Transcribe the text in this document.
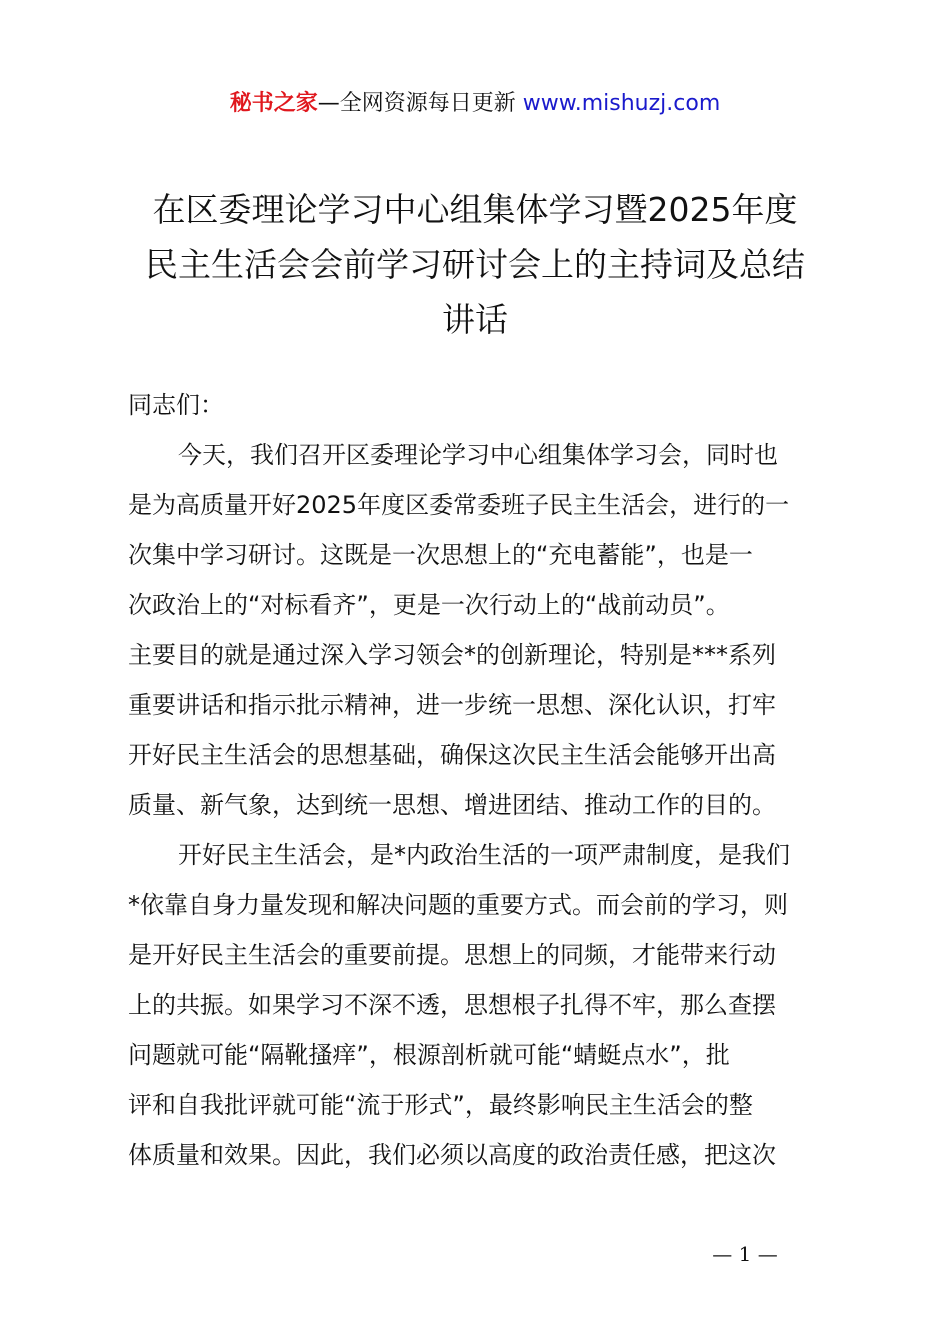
秘书之家—全网资源每日更新 www.mishuzj.com
在区委理论学习中心组集体学习暨2025年度
民主生活会会前学习研讨会上的主持词及总结
讲话
同志们：
今天，我们召开区委理论学习中心组集体学习会，同时也
是为高质量开好2025年度区委常委班子民主生活会，进行的一
次集中学习研讨。这既是一次思想上的“充电蓄能”，也是一
次政治上的“对标看齐”，更是一次行动上的“战前动员”。
主要目的就是通过深入学习领会*的创新理论，特别是***系列
重要讲话和指示批示精神，进一步统一思想、深化认识，打牢
开好民主生活会的思想基础，确保这次民主生活会能够开出高
质量、新气象，达到统一思想、增进团结、推动工作的目的。
开好民主生活会，是*内政治生活的一项严肃制度，是我们
*依靠自身力量发现和解决问题的重要方式。而会前的学习，则
是开好民主生活会的重要前提。思想上的同频，才能带来行动
上的共振。如果学习不深不透，思想根子扎得不牢，那么查摆
问题就可能“隔靴搔痒”，根源剖析就可能“蜻蜓点水”，批
评和自我批评就可能“流于形式”，最终影响民主生活会的整
体质量和效果。因此，我们必须以高度的政治责任感，把这次
— 1 —
